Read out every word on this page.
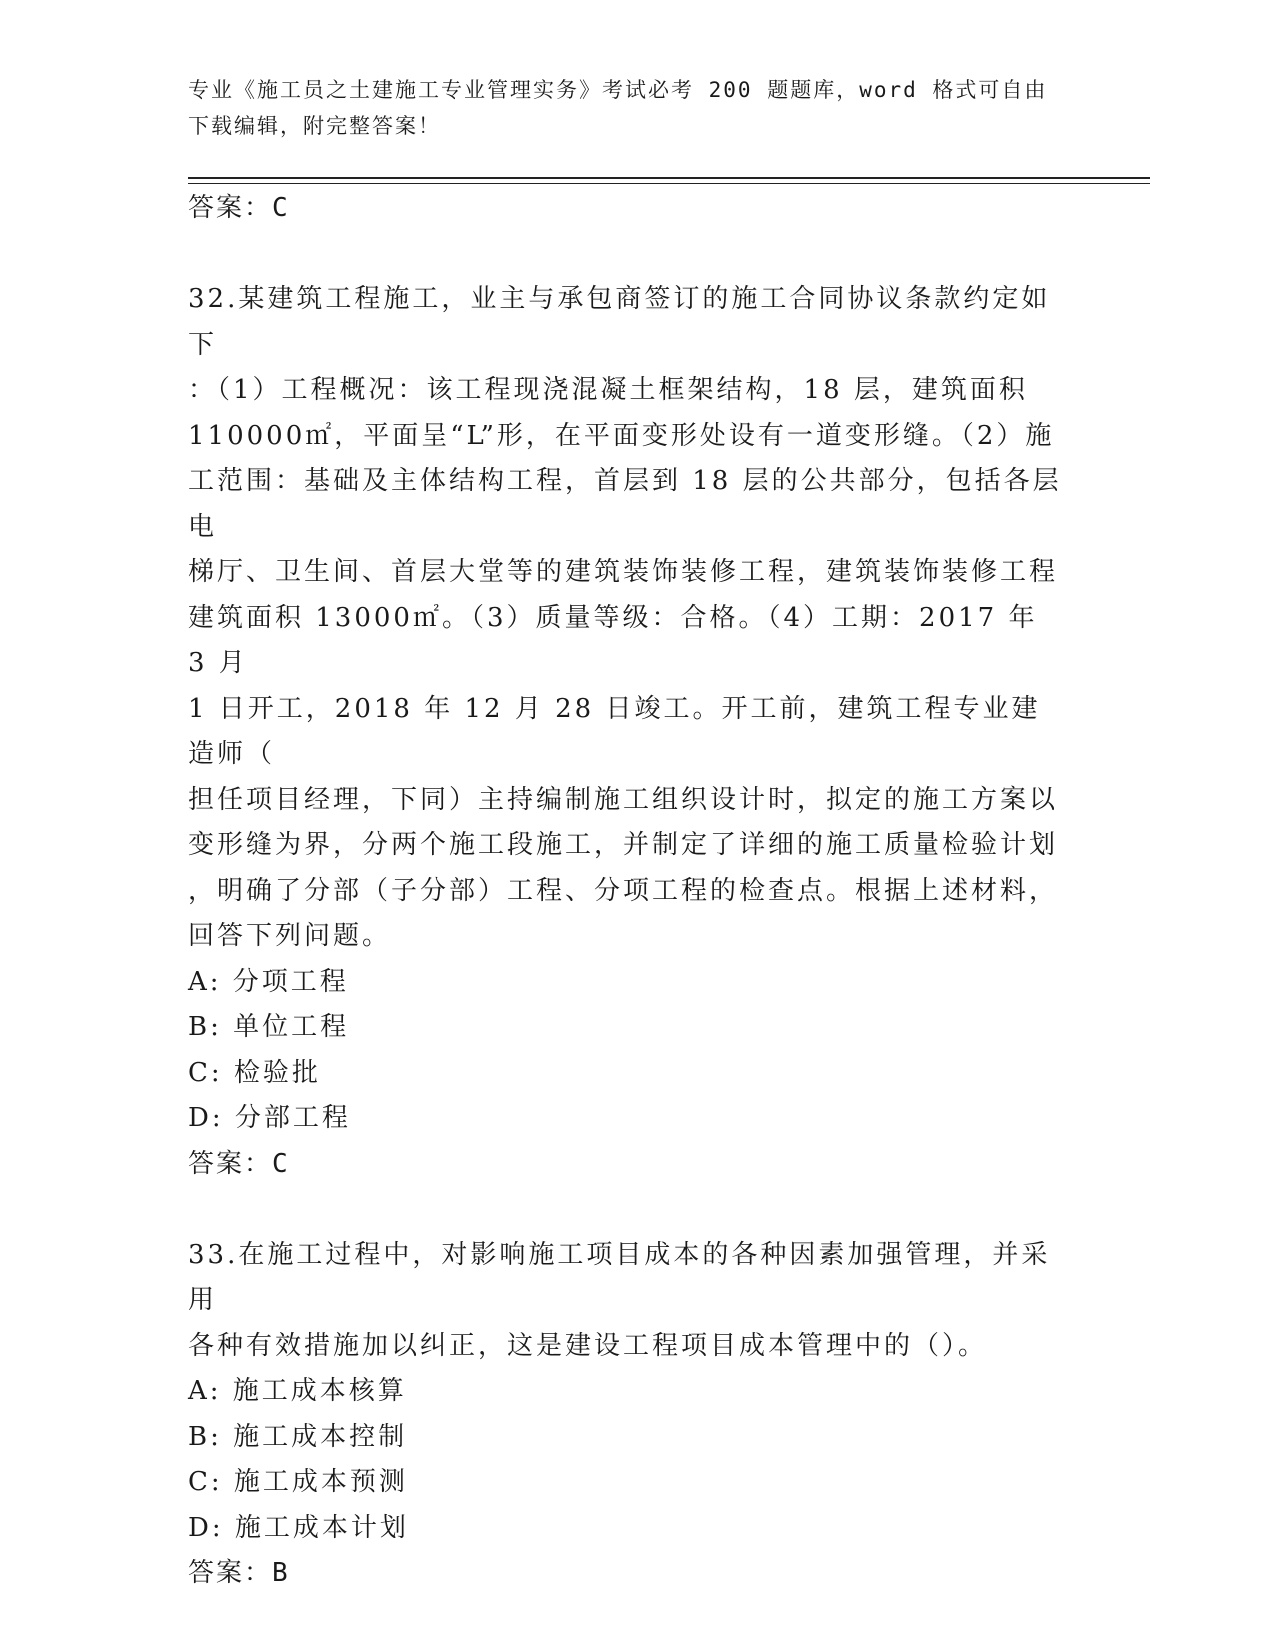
专业《施工员之土建施工专业管理实务》考试必考 200 题题库，word 格式可自由
下载编辑，附完整答案！
答案：C
32.某建筑工程施工，业主与承包商签订的施工合同协议条款约定如下
：（1）工程概况：该工程现浇混凝土框架结构，18 层，建筑面积
110000㎡，平面呈“L”形，在平面变形处设有一道变形缝。（2）施
工范围：基础及主体结构工程，首层到 18 层的公共部分，包括各层电
梯厅、卫生间、首层大堂等的建筑装饰装修工程，建筑装饰装修工程
建筑面积 13000㎡。（3）质量等级：合格。（4）工期：2017 年 3 月
1 日开工，2018 年 12 月 28 日竣工。开工前，建筑工程专业建造师（
担任项目经理，下同）主持编制施工组织设计时，拟定的施工方案以
变形缝为界，分两个施工段施工，并制定了详细的施工质量检验计划
，明确了分部（子分部）工程、分项工程的检查点。根据上述材料，
回答下列问题。
A: 分项工程
B: 单位工程
C: 检验批
D: 分部工程
答案：C
33.在施工过程中，对影响施工项目成本的各种因素加强管理，并采用
各种有效措施加以纠正，这是建设工程项目成本管理中的（）。
A: 施工成本核算
B: 施工成本控制
C: 施工成本预测
D: 施工成本计划
答案：B
